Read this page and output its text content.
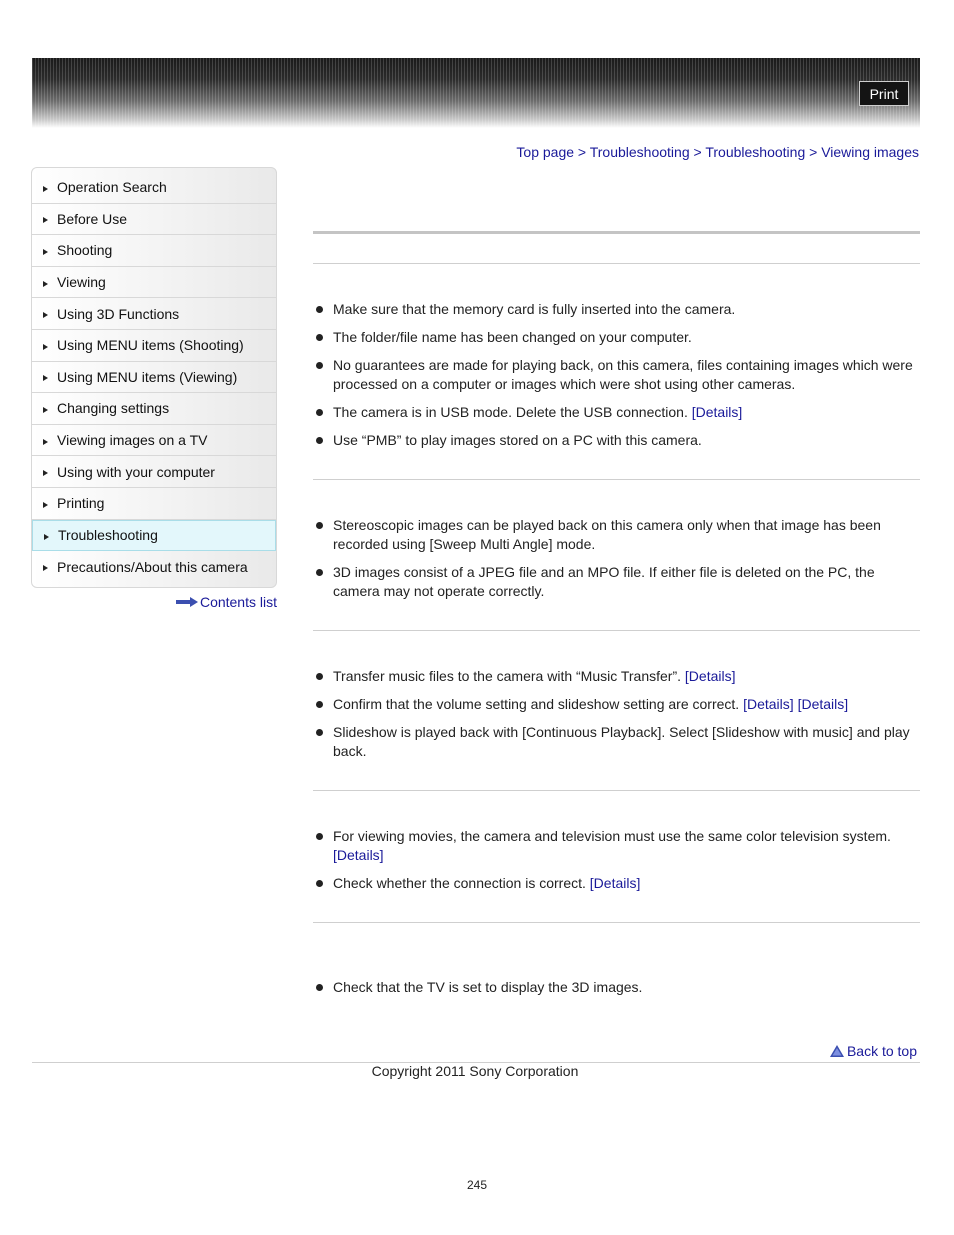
Print
Top page > Troubleshooting > Troubleshooting > Viewing images
Operation Search
Before Use
Shooting
Viewing
Using 3D Functions
Using MENU items (Shooting)
Using MENU items (Viewing)
Changing settings
Viewing images on a TV
Using with your computer
Printing
Troubleshooting
Precautions/About this camera
Contents list
Make sure that the memory card is fully inserted into the camera.
The folder/file name has been changed on your computer.
No guarantees are made for playing back, on this camera, files containing images which were processed on a computer or images which were shot using other cameras.
The camera is in USB mode. Delete the USB connection. [Details]
Use “PMB” to play images stored on a PC with this camera.
Stereoscopic images can be played back on this camera only when that image has been recorded using [Sweep Multi Angle] mode.
3D images consist of a JPEG file and an MPO file. If either file is deleted on the PC, the camera may not operate correctly.
Transfer music files to the camera with “Music Transfer”. [Details]
Confirm that the volume setting and slideshow setting are correct. [Details] [Details]
Slideshow is played back with [Continuous Playback]. Select [Slideshow with music] and play back.
For viewing movies, the camera and television must use the same color television system.
[Details]
Check whether the connection is correct. [Details]
Check that the TV is set to display the 3D images.
Back to top
Copyright 2011 Sony Corporation
245
